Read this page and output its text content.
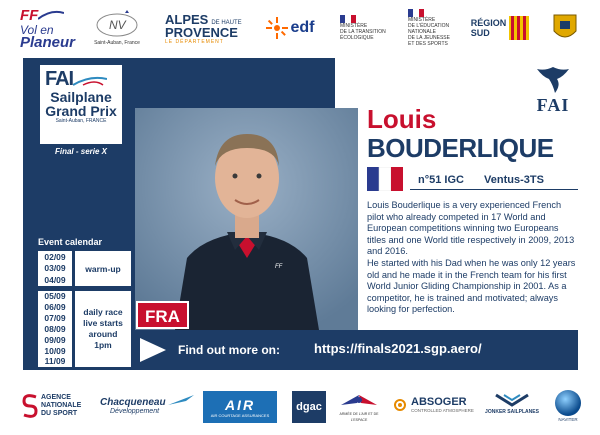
FF
Vol en
Planeur
NV
Saint-Auban, France
ALPES DE HAUTE
PROVENCE
LE DÉPARTEMENT
edf	MINISTÈRE
DE LA TRANSITION
ÉCOLOGIQUE
MINISTÈRE
DE L'ÉDUCATION
NATIONALE
DE LA JEUNESSE
ET DES SPORTS
RÉGION
SUD
FAI
Sailplane
Grand Prix
Saint-Auban, FRANCE
Final - serie X
Event calendar
02/09
03/09
04/09
warm-up
05/09
06/09
07/09
08/09
09/09
10/09
11/09
daily race live starts around 1pm
FF
FRA
Louis
BOUDERLIQUE
FAI
n°51 IGC Ventus-3TS
Louis Bouderlique is a very experienced French pilot who already competed in 17 World and European competitions winning two Europeans titles and one World title respectively in 2009, 2013 and 2016.
He started with his Dad when he was only 12 years old and he made it in the French team for his first World Junior Gliding Championship in 2001. As a competitor, he is trained and motivated; always looking for perfection.
Find out more on:	https://finals2021.sgp.aero/
AGENCE
NATIONALE
DU SPORT
Chacqueneau
Développement	AIR
AIR COURTAGE ASSURANCES
dgac
ARMÉE DE L'AIR ET DE L'ESPACE
ABSOGER
CONTROLLED ATMOSPHERE JONKER SAILPLANES
NAVITER
